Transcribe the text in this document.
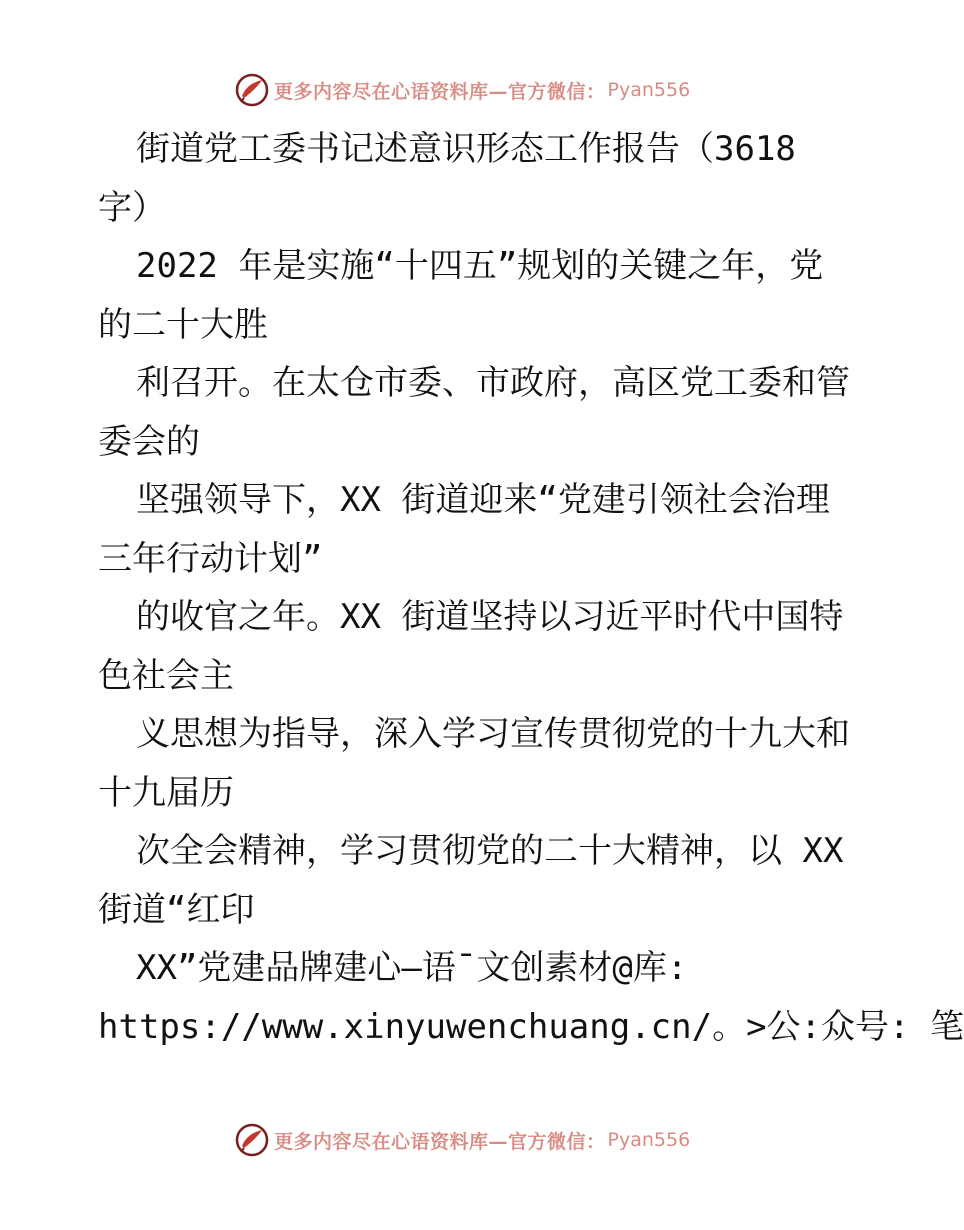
更多内容尽在心语资料库—官方微信： Pyan556
街道党工委书记述意识形态工作报告（3618
字）
2022 年是实施“十四五”规划的关键之年，党
的二十大胜
利召开。在太仓市委、市政府，高区党工委和管
委会的
坚强领导下，XX 街道迎来“党建引领社会治理
三年行动计划”
的收官之年。XX 街道坚持以习近平时代中国特
色社会主
义思想为指导，深入学习宣传贯彻党的十九大和
十九届历
次全会精神，学习贯彻党的二十大精神，以 XX
街道“红印
XX”党建品牌建心—语¯文创素材@库:
https://www.xinyuwenchuang.cn/。>公:众号: 笔
更多内容尽在心语资料库—官方微信： Pyan556
